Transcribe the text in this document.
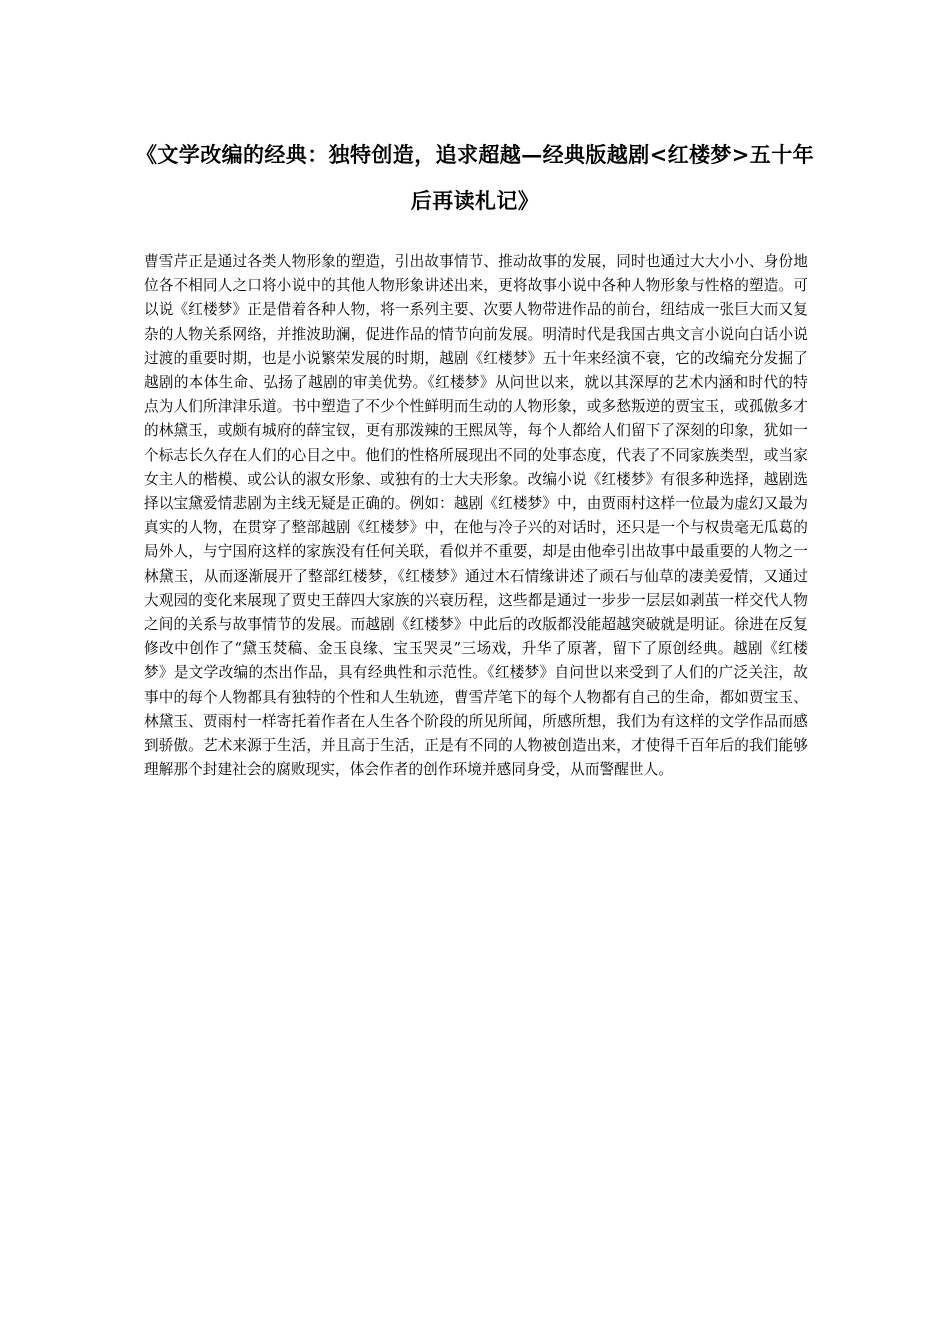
《文学改编的经典：独特创造，追求超越—经典版越剧<红楼梦>五十年后再读札记》

曹雪芹正是通过各类人物形象的塑造，引出故事情节、推动故事的发展，同时也通过大大小小、身份地位各不相同人之口将小说中的其他人物形象讲述出来，更将故事小说中各种人物形象与性格的塑造。可以说《红楼梦》正是借着各种人物，将一系列主要、次要人物带进作品的前台，纽结成一张巨大而又复杂的人物关系网络，并推波助澜，促进作品的情节向前发展。明清时代是我国古典文言小说向白话小说过渡的重要时期，也是小说繁荣发展的时期，越剧《红楼梦》五十年来经演不衰，它的改编充分发掘了越剧的本体生命、弘扬了越剧的审美优势。《红楼梦》从问世以来，就以其深厚的艺术内涵和时代的特点为人们所津津乐道。书中塑造了不少个性鲜明而生动的人物形象，或多愁叛逆的贾宝玉，或孤傲多才的林黛玉，或颇有城府的薛宝钗，更有那泼辣的王熙凤等，每个人都给人们留下了深刻的印象，犹如一个标志长久存在人们的心目之中。他们的性格所展现出不同的处事态度，代表了不同家族类型，或当家女主人的楷模、或公认的淑女形象、或独有的士大夫形象。改编小说《红楼梦》有很多种选择，越剧选择以宝黛爱情悲剧为主线无疑是正确的。例如：越剧《红楼梦》中，由贾雨村这样一位最为虚幻又最为真实的人物，在贯穿了整部越剧《红楼梦》中，在他与冷子兴的对话时，还只是一个与权贵毫无瓜葛的局外人，与宁国府这样的家族没有任何关联，看似并不重要，却是由他牵引出故事中最重要的人物之一林黛玉，从而逐渐展开了整部红楼梦，《红楼梦》通过木石情缘讲述了顽石与仙草的凄美爱情，又通过大观园的变化来展现了贾史王薛四大家族的兴衰历程，这些都是通过一步步一层层如剥茧一样交代人物之间的关系与故事情节的发展。而越剧《红楼梦》中此后的改版都没能超越突破就是明证。徐进在反复修改中创作了“黛玉焚稿、金玉良缘、宝玉哭灵”三场戏，升华了原著，留下了原创经典。越剧《红楼梦》是文学改编的杰出作品，具有经典性和示范性。《红楼梦》自问世以来受到了人们的广泛关注，故事中的每个人物都具有独特的个性和人生轨迹，曹雪芹笔下的每个人物都有自己的生命，都如贾宝玉、林黛玉、贾雨村一样寄托着作者在人生各个阶段的所见所闻，所感所想，我们为有这样的文学作品而感到骄傲。艺术来源于生活，并且高于生活，正是有不同的人物被创造出来，才使得千百年后的我们能够理解那个封建社会的腐败现实，体会作者的创作环境并感同身受，从而警醒世人。
